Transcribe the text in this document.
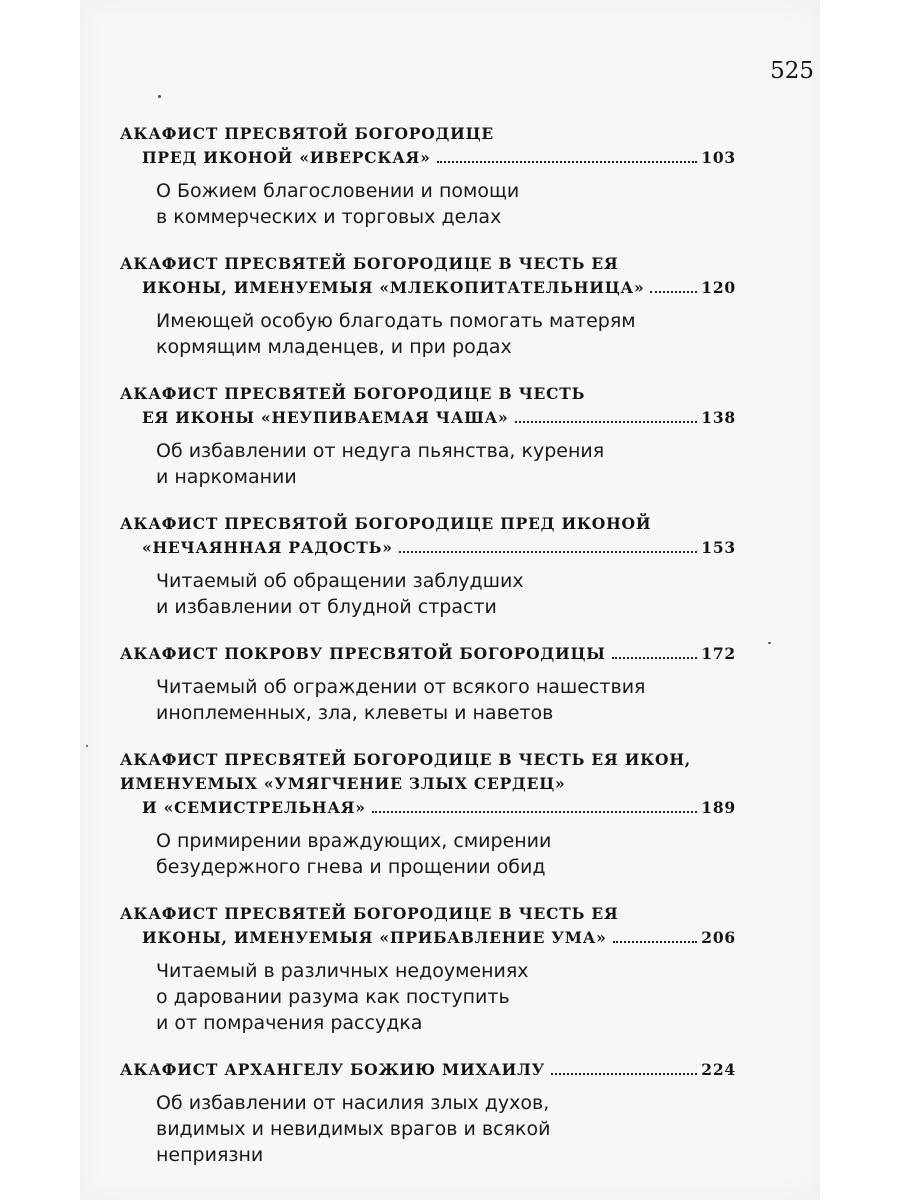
525
АКАФИСТ ПРЕСВЯТОЙ БОГОРОДИЦЕ
ПРЕД ИКОНОЙ «ИВЕРСКАЯ»	103
О Божием благословении и помощи
в коммерческих и торговых делах
АКАФИСТ ПРЕСВЯТЕЙ БОГОРОДИЦЕ В ЧЕСТЬ ЕЯ
ИКОНЫ, ИМЕНУЕМЫЯ «МЛЕКОПИТАТЕЛЬНИЦА»	120
Имеющей особую благодать помогать матерям
кормящим младенцев, и при родах
АКАФИСТ ПРЕСВЯТЕЙ БОГОРОДИЦЕ В ЧЕСТЬ
ЕЯ ИКОНЫ «НЕУПИВАЕМАЯ ЧАША»	138
Об избавлении от недуга пьянства, курения
и наркомании
АКАФИСТ ПРЕСВЯТОЙ БОГОРОДИЦЕ ПРЕД ИКОНОЙ
«НЕЧАЯННАЯ РАДОСТЬ»	153
Читаемый об обращении заблудших
и избавлении от блудной страсти
АКАФИСТ ПОКРОВУ ПРЕСВЯТОЙ БОГОРОДИЦЫ	172
Читаемый об ограждении от всякого нашествия
иноплеменных, зла, клеветы и наветов
АКАФИСТ ПРЕСВЯТЕЙ БОГОРОДИЦЕ В ЧЕСТЬ ЕЯ ИКОН,
ИМЕНУЕМЫХ «УМЯГЧЕНИЕ ЗЛЫХ СЕРДЕЦ»
И «СЕМИСТРЕЛЬНАЯ»	189
О примирении враждующих, смирении
безудержного гнева и прощении обид
АКАФИСТ ПРЕСВЯТЕЙ БОГОРОДИЦЕ В ЧЕСТЬ ЕЯ
ИКОНЫ, ИМЕНУЕМЫЯ «ПРИБАВЛЕНИЕ УМА»	206
Читаемый в различных недоумениях
о даровании разума как поступить
и от помрачения рассудка
АКАФИСТ АРХАНГЕЛУ БОЖИЮ МИХАИЛУ	224
Об избавлении от насилия злых духов,
видимых и невидимых врагов и всякой
неприязни
